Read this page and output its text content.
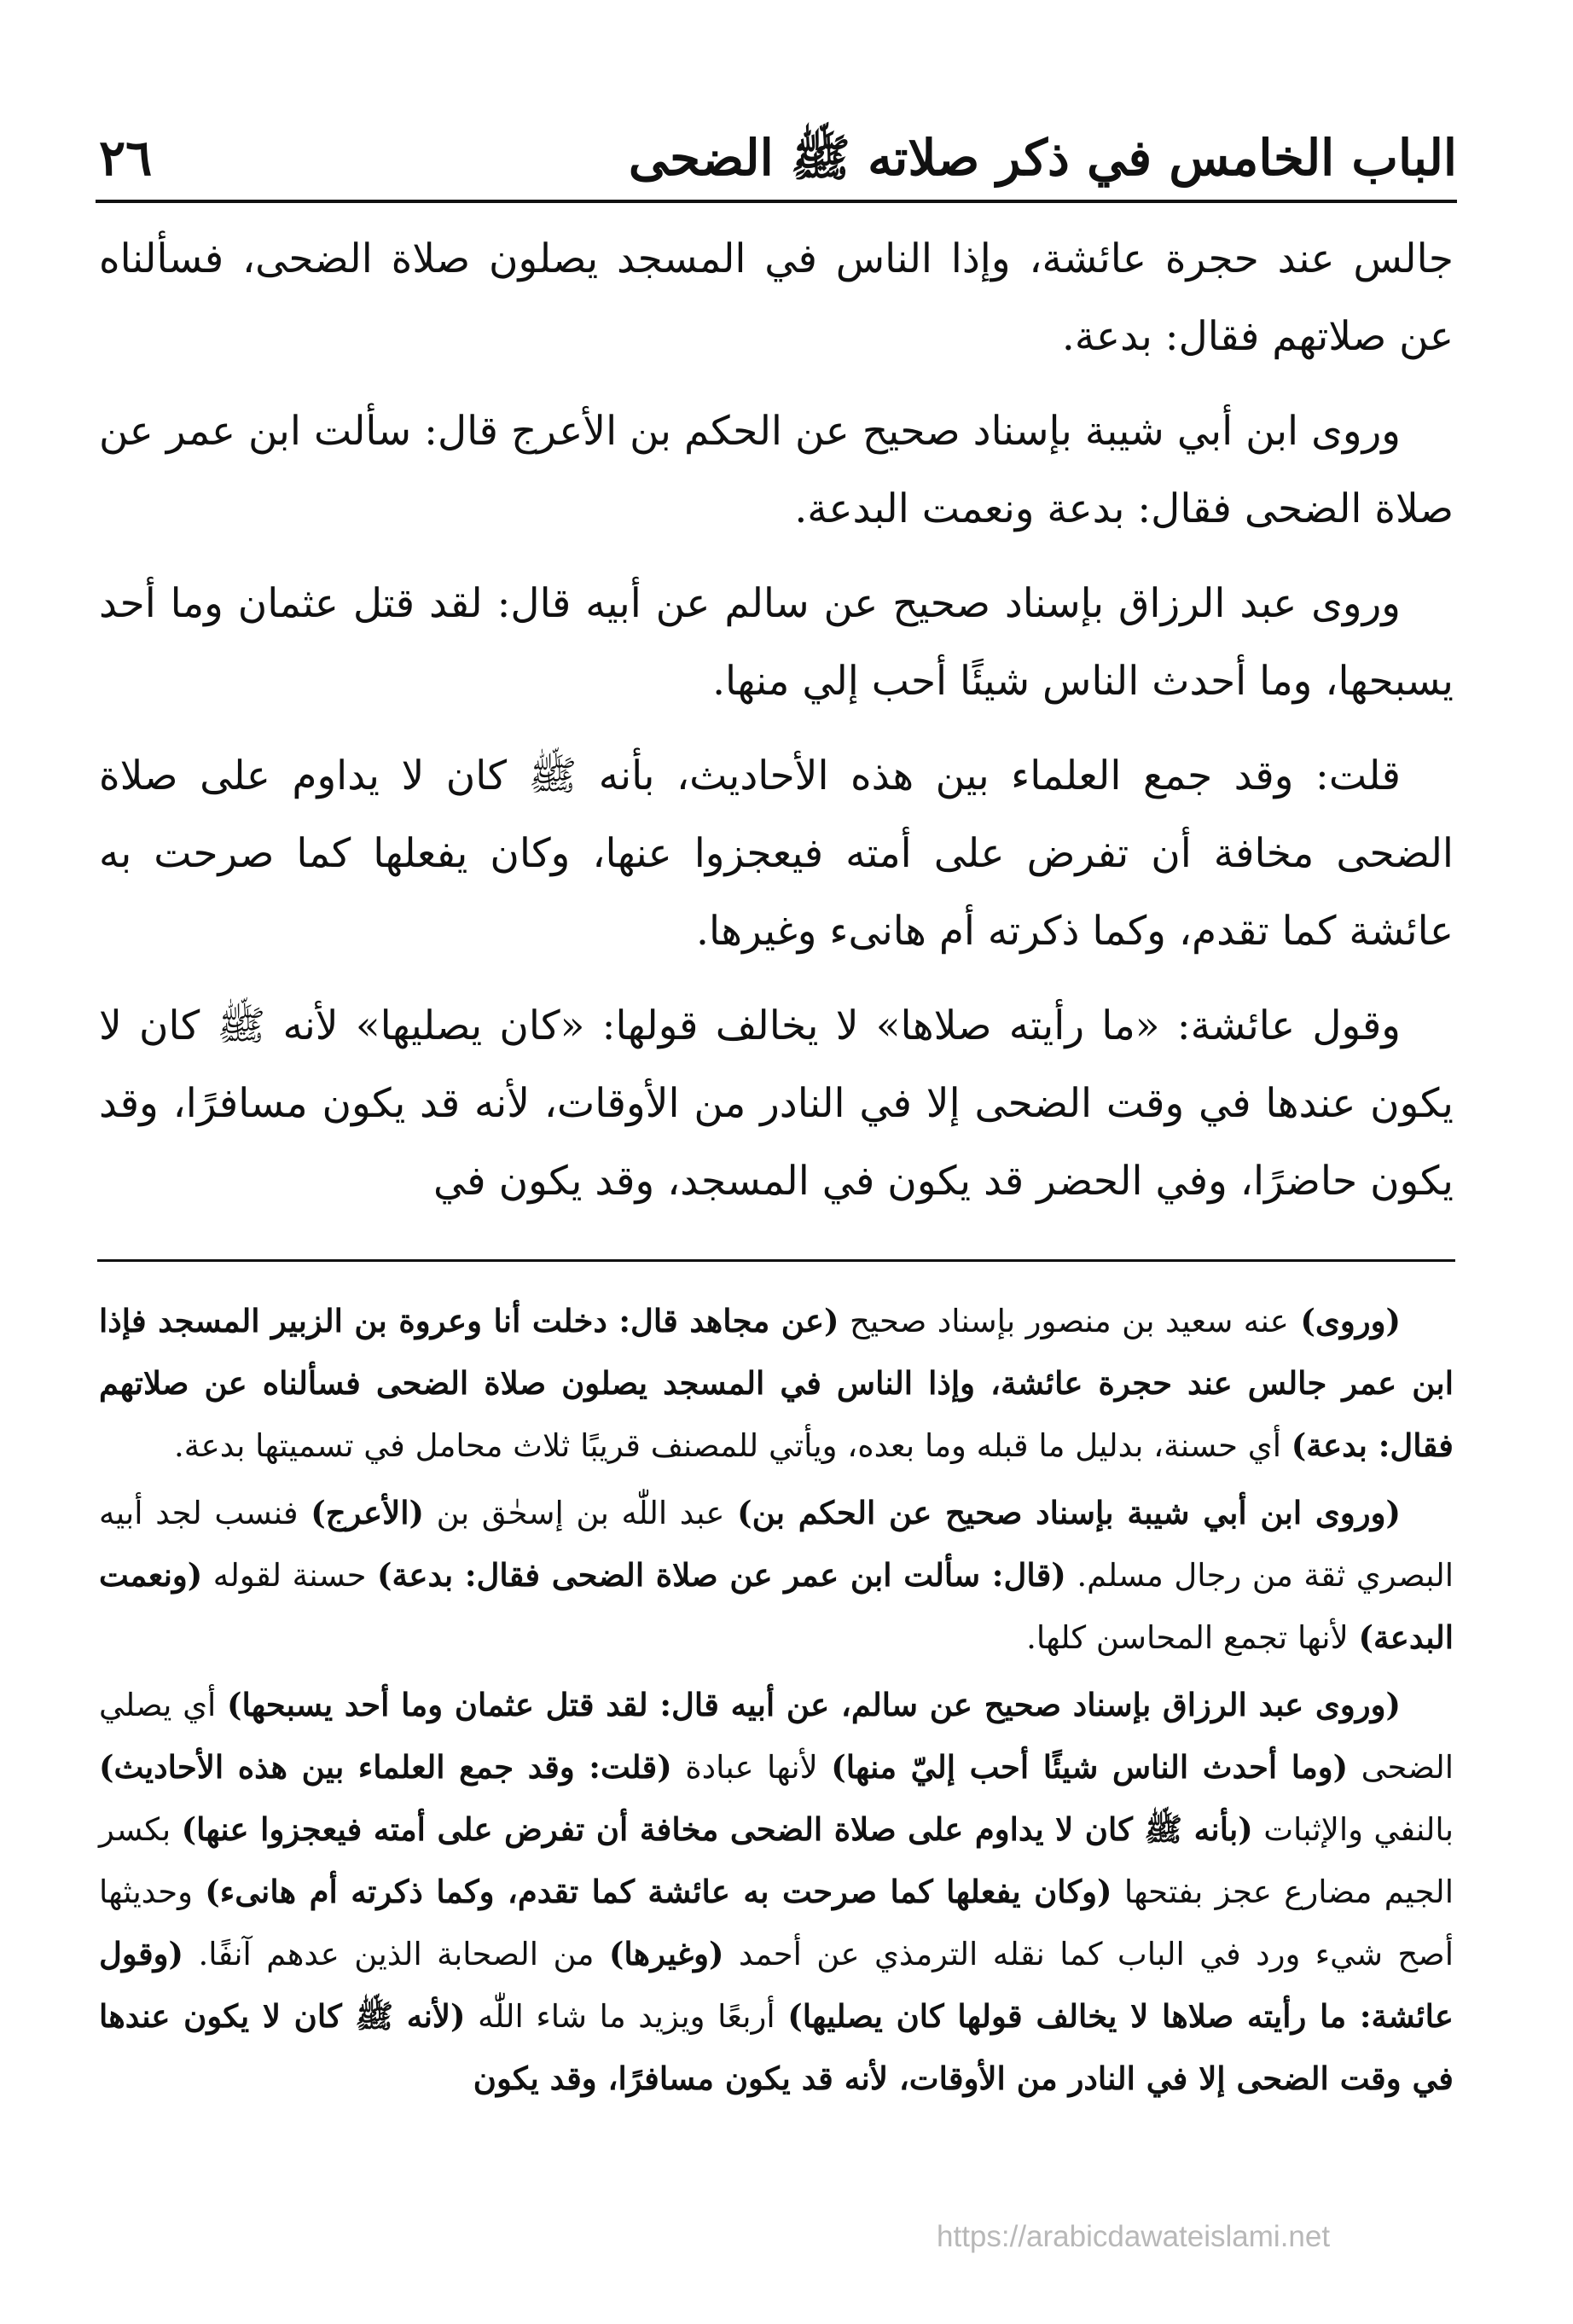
الباب الخامس في ذكر صلاته ﷺ الضحى
٢٦

جالس عند حجرة عائشة، وإذا الناس في المسجد يصلون صلاة الضحى، فسألناه عن صلاتهم فقال: بدعة.

وروى ابن أبي شيبة بإسناد صحيح عن الحكم بن الأعرج قال: سألت ابن عمر عن صلاة الضحى فقال: بدعة ونعمت البدعة.

وروى عبد الرزاق بإسناد صحيح عن سالم عن أبيه قال: لقد قتل عثمان وما أحد يسبحها، وما أحدث الناس شيئًا أحب إلي منها.

قلت: وقد جمع العلماء بين هذه الأحاديث، بأنه ﷺ كان لا يداوم على صلاة الضحى مخافة أن تفرض على أمته فيعجزوا عنها، وكان يفعلها كما صرحت به عائشة كما تقدم، وكما ذكرته أم هانىء وغيرها.

وقول عائشة: «ما رأيته صلاها» لا يخالف قولها: «كان يصليها» لأنه ﷺ كان لا يكون عندها في وقت الضحى إلا في النادر من الأوقات، لأنه قد يكون مسافرًا، وقد يكون حاضرًا، وفي الحضر قد يكون في المسجد، وقد يكون في

(وروى) عنه سعيد بن منصور بإسناد صحيح (عن مجاهد قال: دخلت أنا وعروة بن الزبير المسجد فإذا ابن عمر جالس عند حجرة عائشة، وإذا الناس في المسجد يصلون صلاة الضحى فسألناه عن صلاتهم فقال: بدعة) أي حسنة، بدليل ما قبله وما بعده، ويأتي للمصنف قريبًا ثلاث محامل في تسميتها بدعة.

(وروى ابن أبي شيبة بإسناد صحيح عن الحكم بن) عبد اللّٰه بن إسحٰق بن (الأعرج) فنسب لجد أبيه البصري ثقة من رجال مسلم. (قال: سألت ابن عمر عن صلاة الضحى فقال: بدعة) حسنة لقوله (ونعمت البدعة) لأنها تجمع المحاسن كلها.

(وروى عبد الرزاق بإسناد صحيح عن سالم، عن أبيه قال: لقد قتل عثمان وما أحد يسبحها) أي يصلي الضحى (وما أحدث الناس شيئًا أحب إليّ منها) لأنها عبادة (قلت: وقد جمع العلماء بين هذه الأحاديث) بالنفي والإثبات (بأنه ﷺ كان لا يداوم على صلاة الضحى مخافة أن تفرض على أمته فيعجزوا عنها) بكسر الجيم مضارع عجز بفتحها (وكان يفعلها كما صرحت به عائشة كما تقدم، وكما ذكرته أم هانىء) وحديثها أصح شيء ورد في الباب كما نقله الترمذي عن أحمد (وغيرها) من الصحابة الذين عدهم آنفًا. (وقول عائشة: ما رأيته صلاها لا يخالف قولها كان يصليها) أربعًا ويزيد ما شاء اللّٰه (لأنه ﷺ كان لا يكون عندها في وقت الضحى إلا في النادر من الأوقات، لأنه قد يكون مسافرًا، وقد يكون

https://arabicdawateislami.net
